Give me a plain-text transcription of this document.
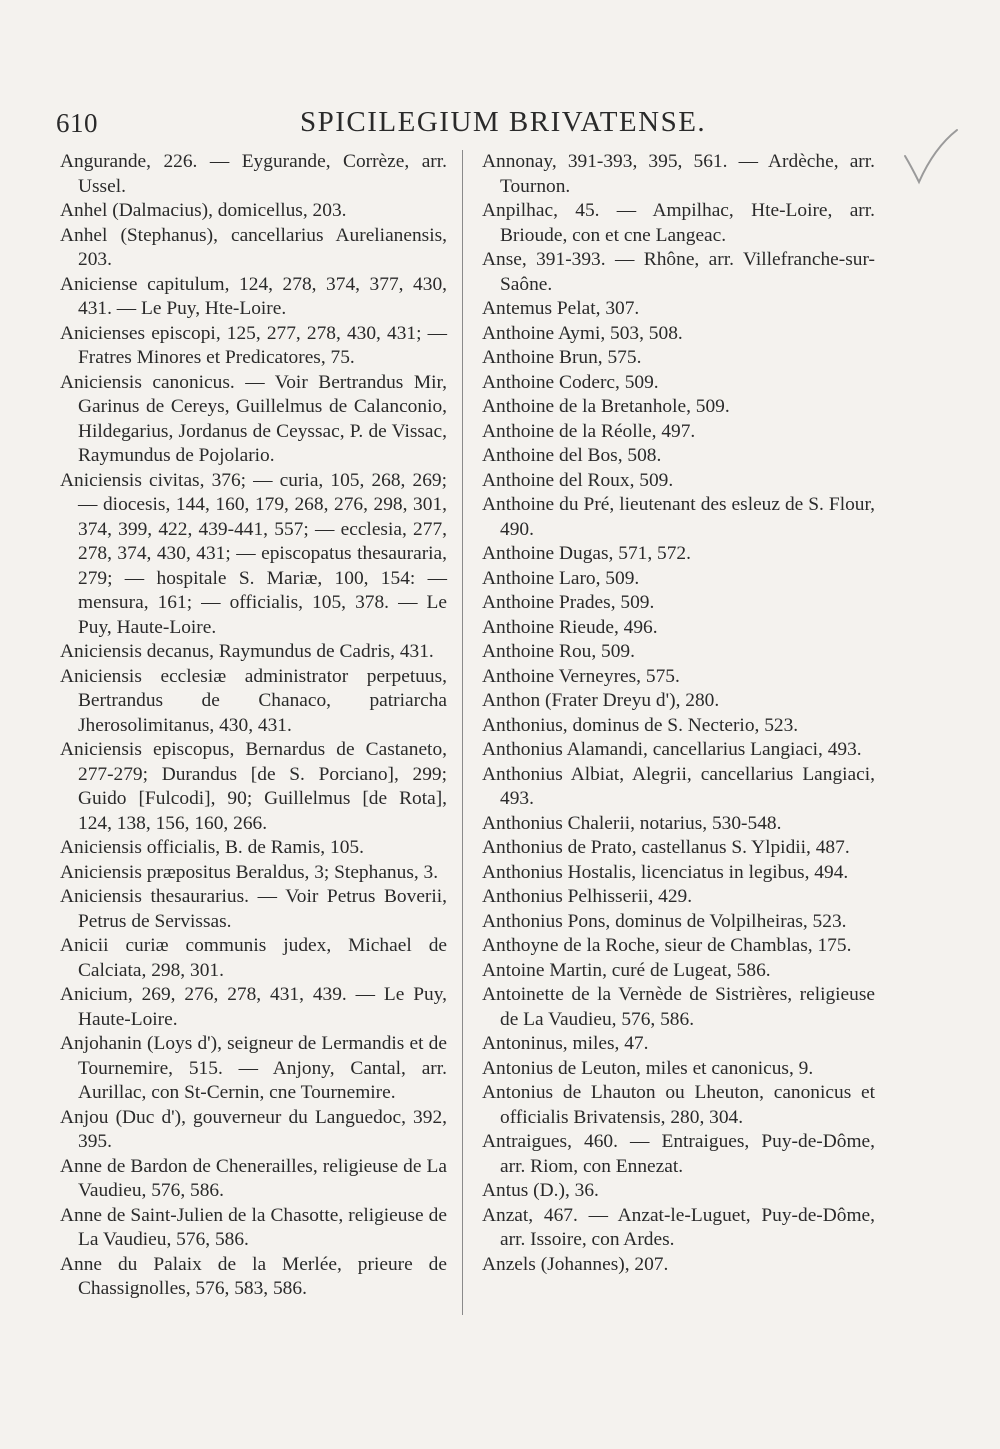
610	SPICILEGIUM BRIVATENSE.

Angurande, 226. — Eygurande, Corrèze, arr. Ussel.

Anhel (Dalmacius), domicellus, 203.

Anhel (Stephanus), cancellarius Aurelianensis, 203.

Aniciense capitulum, 124, 278, 374, 377, 430, 431. — Le Puy, Hte-Loire.

Anicienses episcopi, 125, 277, 278, 430, 431; — Fratres Minores et Predicatores, 75.

Aniciensis canonicus. — Voir Bertrandus Mir, Garinus de Cereys, Guillelmus de Calanconio, Hildegarius, Jordanus de Ceyssac, P. de Vissac, Raymundus de Pojolario.

Aniciensis civitas, 376; — curia, 105, 268, 269; — diocesis, 144, 160, 179, 268, 276, 298, 301, 374, 399, 422, 439-441, 557; — ecclesia, 277, 278, 374, 430, 431; — episcopatus thesauraria, 279; — hospitale S. Mariæ, 100, 154: — mensura, 161; — officialis, 105, 378. — Le Puy, Haute-Loire.

Aniciensis decanus, Raymundus de Cadris, 431.

Aniciensis ecclesiæ administrator perpetuus, Bertrandus de Chanaco, patriarcha Jherosolimitanus, 430, 431.

Aniciensis episcopus, Bernardus de Castaneto, 277-279; Durandus [de S. Porciano], 299; Guido [Fulcodi], 90; Guillelmus [de Rota], 124, 138, 156, 160, 266.

Aniciensis officialis, B. de Ramis, 105.

Aniciensis præpositus Beraldus, 3; Stephanus, 3.

Aniciensis thesaurarius. — Voir Petrus Boverii, Petrus de Servissas.

Anicii curiæ communis judex, Michael de Calciata, 298, 301.

Anicium, 269, 276, 278, 431, 439. — Le Puy, Haute-Loire.

Anjohanin (Loys d'), seigneur de Lermandis et de Tournemire, 515. — Anjony, Cantal, arr. Aurillac, con St-Cernin, cne Tournemire.

Anjou (Duc d'), gouverneur du Languedoc, 392, 395.

Anne de Bardon de Chenerailles, religieuse de La Vaudieu, 576, 586.

Anne de Saint-Julien de la Chasotte, religieuse de La Vaudieu, 576, 586.

Anne du Palaix de la Merlée, prieure de Chassignolles, 576, 583, 586.

Annonay, 391-393, 395, 561. — Ardèche, arr. Tournon.

Anpilhac, 45. — Ampilhac, Hte-Loire, arr. Brioude, con et cne Langeac.

Anse, 391-393. — Rhône, arr. Villefranche-sur-Saône.

Antemus Pelat, 307.

Anthoine Aymi, 503, 508.

Anthoine Brun, 575.

Anthoine Coderc, 509.

Anthoine de la Bretanhole, 509.

Anthoine de la Réolle, 497.

Anthoine del Bos, 508.

Anthoine del Roux, 509.

Anthoine du Pré, lieutenant des esleuz de S. Flour, 490.

Anthoine Dugas, 571, 572.

Anthoine Laro, 509.

Anthoine Prades, 509.

Anthoine Rieude, 496.

Anthoine Rou, 509.

Anthoine Verneyres, 575.

Anthon (Frater Dreyu d'), 280.

Anthonius, dominus de S. Necterio, 523.

Anthonius Alamandi, cancellarius Langiaci, 493.

Anthonius Albiat, Alegrii, cancellarius Langiaci, 493.

Anthonius Chalerii, notarius, 530-548.

Anthonius de Prato, castellanus S. Ylpidii, 487.

Anthonius Hostalis, licenciatus in legibus, 494.

Anthonius Pelhisserii, 429.

Anthonius Pons, dominus de Volpilheiras, 523.

Anthoyne de la Roche, sieur de Chamblas, 175.

Antoine Martin, curé de Lugeat, 586.

Antoinette de la Vernède de Sistrières, religieuse de La Vaudieu, 576, 586.

Antoninus, miles, 47.

Antonius de Leuton, miles et canonicus, 9.

Antonius de Lhauton ou Lheuton, canonicus et officialis Brivatensis, 280, 304.

Antraigues, 460. — Entraigues, Puy-de-Dôme, arr. Riom, con Ennezat.

Antus (D.), 36.

Anzat, 467. — Anzat-le-Luguet, Puy-de-Dôme, arr. Issoire, con Ardes.

Anzels (Johannes), 207.
